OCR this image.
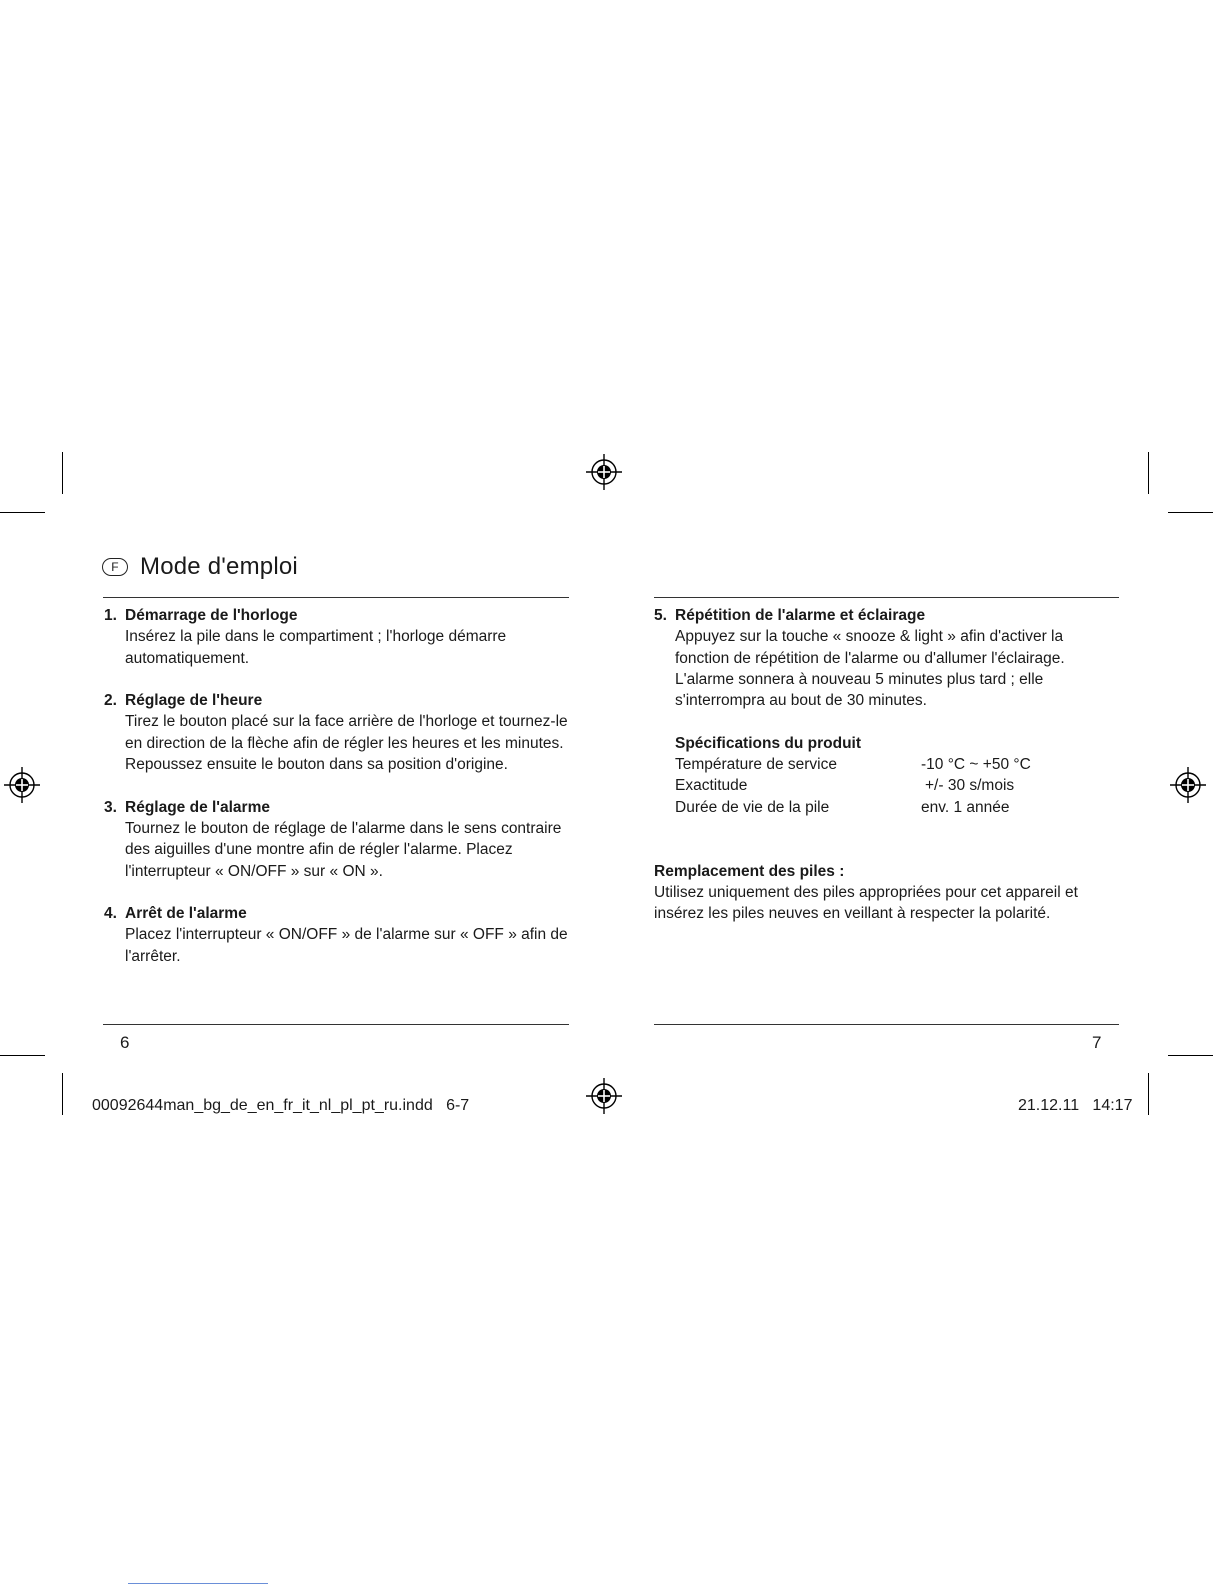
F Mode d'emploi
1. Démarrage de l'horloge
Insérez la pile dans le compartiment ; l'horloge démarre automatiquement.
2. Réglage de l'heure
Tirez le bouton placé sur la face arrière de l'horloge et tournez-le en direction de la flèche afin de régler les heures et les minutes. Repoussez ensuite le bouton dans sa position d'origine.
3. Réglage de l'alarme
Tournez le bouton de réglage de l'alarme dans le sens contraire des aiguilles d'une montre afin de régler l'alarme. Placez l'interrupteur « ON/OFF » sur « ON ».
4. Arrêt de l'alarme
Placez l'interrupteur « ON/OFF » de l'alarme sur « OFF » afin de l'arrêter.
5. Répétition de l'alarme et éclairage
Appuyez sur la touche « snooze & light » afin d'activer la fonction de répétition de l'alarme ou d'allumer l'éclairage. L'alarme sonnera à nouveau 5 minutes plus tard ; elle s'interrompra au bout de 30 minutes.
Spécifications du produit
Température de service	-10 °C ~ +50 °C
Exactitude	+/- 30 s/mois
Durée de vie de la pile	env. 1 année
Remplacement des piles :
Utilisez uniquement des piles appropriées pour cet appareil et insérez les piles neuves en veillant à respecter la polarité.
6	7
00092644man_bg_de_en_fr_it_nl_pl_pt_ru.indd   6-7	21.12.11   14:17
